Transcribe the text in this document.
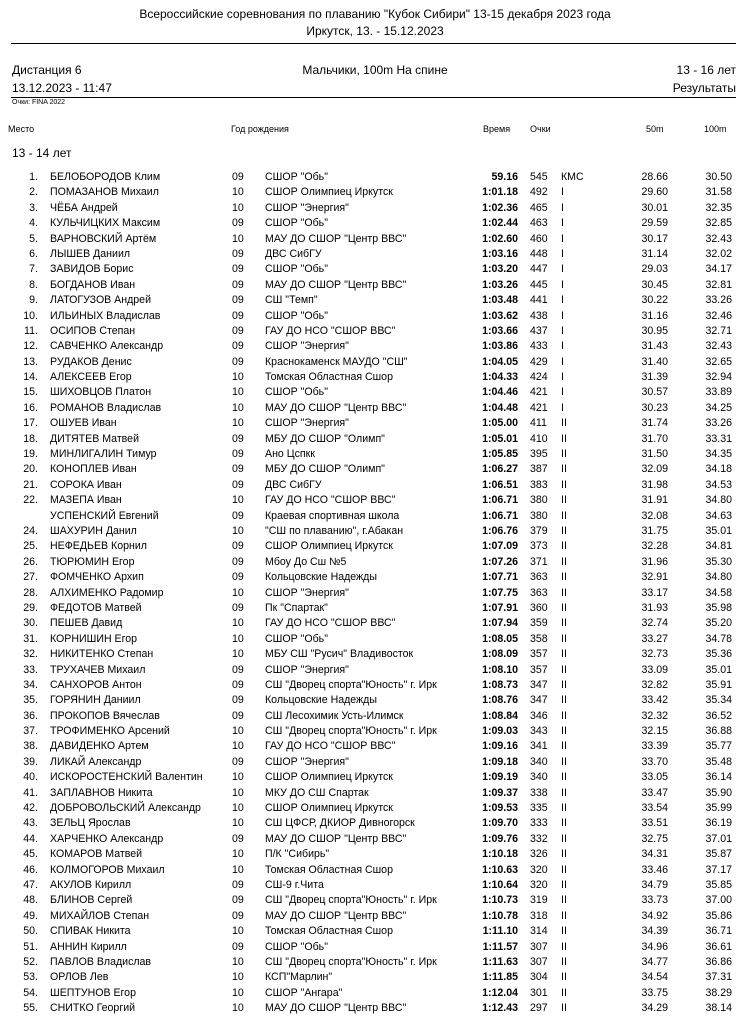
Всероссийские соревнования по плаванию "Кубок Сибири" 13-15 декабря 2023 года
Иркутск, 13. - 15.12.2023
Дистанция 6	Мальчики, 100m На спине	13 - 16 лет
13.12.2023 - 11:47	Результаты
Очки: FINA 2022
Место	Год рождения	Время Очки	50m	100m
13 - 14 лет
1. БЕЛОБОРОДОВ Клим	09 СШОР "Обь"	59.16 545 КМС	28.66	30.50
2. ПОМАЗАНОВ Михаил	10 СШОР Олимпиец Иркутск	1:01.18 492 I	29.60	31.58
3. ЧЁБА Андрей	10 СШОР "Энергия"	1:02.36 465 I	30.01	32.35
4. КУЛЬЧИЦКИХ Максим	09 СШОР "Обь"	1:02.44 463 I	29.59	32.85
5. ВАРНОВСКИЙ Артём	10 МАУ ДО СШОР "Центр ВВС"	1:02.60 460 I	30.17	32.43
6. ЛЫШЕВ Даниил	09 ДВС СибГУ	1:03.16 448 I	31.14	32.02
7. ЗАВИДОВ Борис	09 СШОР "Обь"	1:03.20 447 I	29.03	34.17
8. БОГДАНОВ Иван	09 МАУ ДО СШОР "Центр ВВС"	1:03.26 445 I	30.45	32.81
9. ЛАТОГУЗОВ Андрей	09 СШ "Темп"	1:03.48 441 I	30.22	33.26
10. ИЛЬИНЫХ Владислав	09 СШОР "Обь"	1:03.62 438 I	31.16	32.46
11. ОСИПОВ Степан	09 ГАУ ДО НСО "СШОР ВВС"	1:03.66 437 I	30.95	32.71
12. САВЧЕНКО Александр	09 СШОР "Энергия"	1:03.86 433 I	31.43	32.43
13. РУДАКОВ Денис	09 Краснокаменск МАУДО "СШ"	1:04.05 429 I	31.40	32.65
14. АЛЕКСЕЕВ Егор	10 Томская Областная Сшор	1:04.33 424 I	31.39	32.94
15. ШИХОВЦОВ Платон	10 СШОР "Обь"	1:04.46 421 I	30.57	33.89
16. РОМАНОВ Владислав	10 МАУ ДО СШОР "Центр ВВС"	1:04.48 421 I	30.23	34.25
17. ОШУЕВ Иван	10 СШОР "Энергия"	1:05.00 411 II	31.74	33.26
18. ДИТЯТЕВ Матвей	09 МБУ ДО СШОР "Олимп"	1:05.01 410 II	31.70	33.31
19. МИНЛИГАЛИН Тимур	09 Ано Цспкк	1:05.85 395 II	31.50	34.35
20. КОНОПЛЕВ Иван	09 МБУ ДО СШОР "Олимп"	1:06.27 387 II	32.09	34.18
21. СОРОКА Иван	09 ДВС СибГУ	1:06.51 383 II	31.98	34.53
22. МАЗЕПА Иван	10 ГАУ ДО НСО "СШОР ВВС"	1:06.71 380 II	31.91	34.80
УСПЕНСКИЙ Евгений	09 Краевая спортивная школа	1:06.71 380 II	32.08	34.63
24. ШАХУРИН Данил	10 "СШ по плаванию", г.Абакан	1:06.76 379 II	31.75	35.01
25. НЕФЕДЬЕВ Корнил	09 СШОР Олимпиец Иркутск	1:07.09 373 II	32.28	34.81
26. ТЮРЮМИН Егор	09 Мбоу До Сш №5	1:07.26 371 II	31.96	35.30
27. ФОМЧЕНКО Архип	09 Кольцовские Надежды	1:07.71 363 II	32.91	34.80
28. АЛХИМЕНКО Радомир	10 СШОР "Энергия"	1:07.75 363 II	33.17	34.58
29. ФЕДОТОВ Матвей	09 Пк "Спартак"	1:07.91 360 II	31.93	35.98
30. ПЕШЕВ Давид	10 ГАУ ДО НСО "СШОР ВВС"	1:07.94 359 II	32.74	35.20
31. КОРНИШИН Егор	10 СШОР "Обь"	1:08.05 358 II	33.27	34.78
32. НИКИТЕНКО Степан	10 МБУ СШ "Русич" Владивосток	1:08.09 357 II	32.73	35.36
33. ТРУХАЧЕВ Михаил	09 СШОР "Энергия"	1:08.10 357 II	33.09	35.01
34. САНХОРОВ Антон	09 СШ "Дворец спорта"Юность" г. Ирк	1:08.73 347 II	32.82	35.91
35. ГОРЯНИН Даниил	09 Кольцовские Надежды	1:08.76 347 II	33.42	35.34
36. ПРОКОПОВ Вячеслав	09 СШ Лесохимик Усть-Илимск	1:08.84 346 II	32.32	36.52
37. ТРОФИМЕНКО Арсений	10 СШ "Дворец спорта"Юность" г. Ирк	1:09.03 343 II	32.15	36.88
38. ДАВИДЕНКО Артем	10 ГАУ ДО НСО "СШОР ВВС"	1:09.16 341 II	33.39	35.77
39. ЛИКАЙ Александр	09 СШОР "Энергия"	1:09.18 340 II	33.70	35.48
40. ИСКОРОСТЕНСКИЙ Валентин	10 СШОР Олимпиец Иркутск	1:09.19 340 II	33.05	36.14
41. ЗАПЛАВНОВ Никита	10 МКУ ДО СШ Спартак	1:09.37 338 II	33.47	35.90
42. ДОБРОВОЛЬСКИЙ Александр	10 СШОР Олимпиец Иркутск	1:09.53 335 II	33.54	35.99
43. ЗЕЛЬЦ Ярослав	10 СШ ЦФСР, ДКИОР Дивногорск	1:09.70 333 II	33.51	36.19
44. ХАРЧЕНКО Александр	09 МАУ ДО СШОР "Центр ВВС"	1:09.76 332 II	32.75	37.01
45. КОМАРОВ Матвей	10 П/К "Сибирь"	1:10.18 326 II	34.31	35.87
46. КОЛМОГОРОВ Михаил	10 Томская Областная Сшор	1:10.63 320 II	33.46	37.17
47. АКУЛОВ Кирилл	09 СШ-9 г.Чита	1:10.64 320 II	34.79	35.85
48. БЛИНОВ Сергей	09 СШ "Дворец спорта"Юность" г. Ирк	1:10.73 319 II	33.73	37.00
49. МИХАЙЛОВ Степан	09 МАУ ДО СШОР "Центр ВВС"	1:10.78 318 II	34.92	35.86
50. СПИВАК Никита	10 Томская Областная Сшор	1:11.10 314 II	34.39	36.71
51. АННИН Кирилл	09 СШОР "Обь"	1:11.57 307 II	34.96	36.61
52. ПАВЛОВ Владислав	10 СШ "Дворец спорта"Юность" г. Ирк	1:11.63 307 II	34.77	36.86
53. ОРЛОВ Лев	10 КСП"Марлин"	1:11.85 304 II	34.54	37.31
54. ШЕПТУНОВ Егор	10 СШОР "Ангара"	1:12.04 301 II	33.75	38.29
55. СНИТКО Георгий	10 МАУ ДО СШОР "Центр ВВС"	1:12.43 297 II	34.29	38.14
